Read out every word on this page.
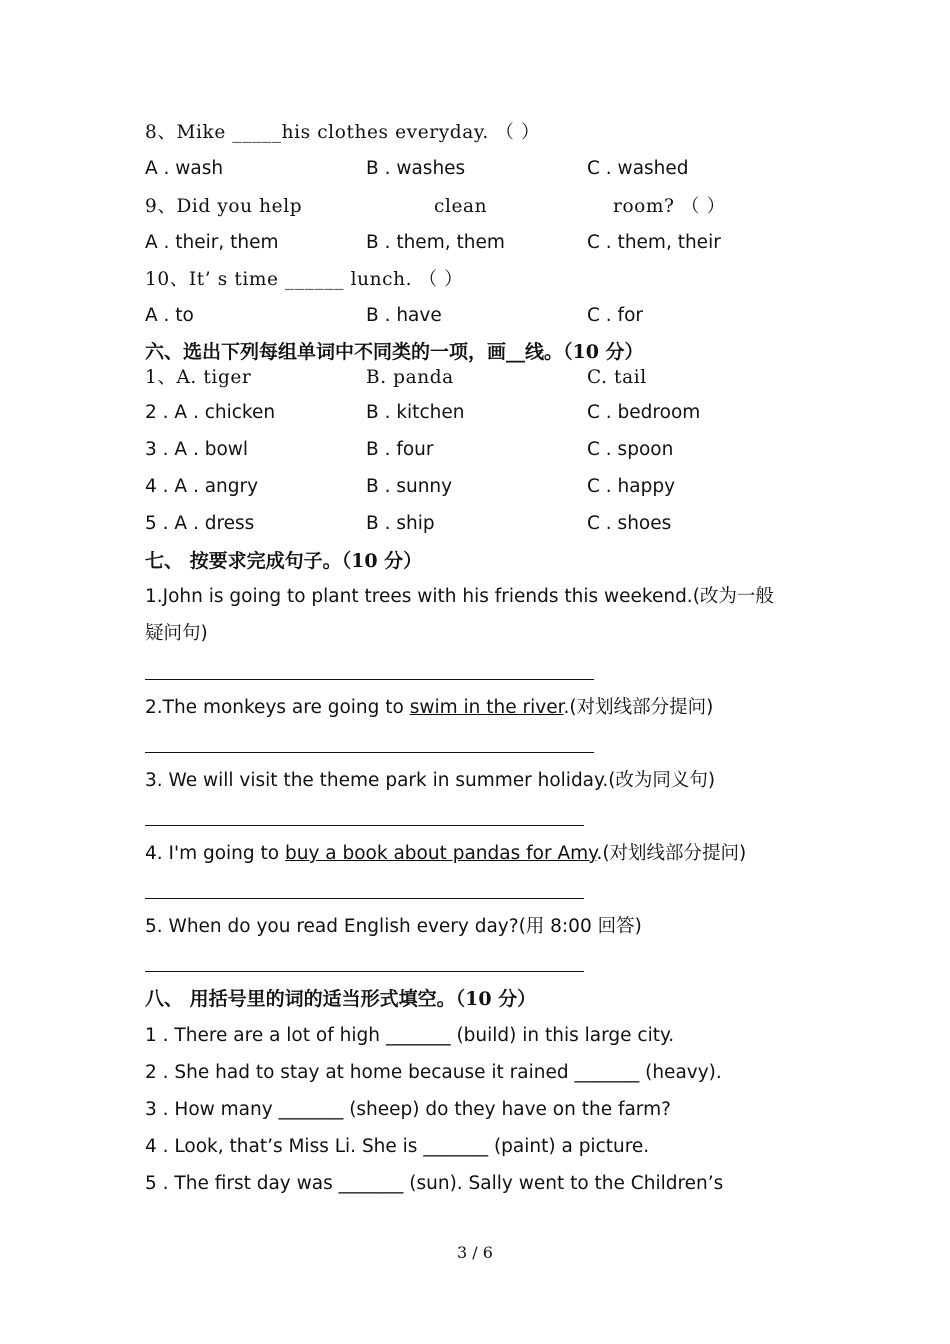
8、Mike _____his clothes everyday. （ ）
A . wash	B . washes	C . washed
9、Did you help	clean	room? （ ）
A . their, them	B . them, them	C . them, their
10、It’ s time ______ lunch. （ ）
A . to	B . have	C . for
六、选出下列每组单词中不同类的一项，画__线。（10 分）
1、A. tiger	B. panda	C. tail
2 . A . chicken	B . kitchen	C . bedroom
3 . A . bowl	B . four	C . spoon
4 . A . angry	B . sunny	C . happy
5 . A . dress	B . ship	C . shoes
七、 按要求完成句子。（10 分）
1.John is going to plant trees with his friends this weekend.(改为一般
疑问句)
2.The monkeys are going to swim in the river.(对划线部分提问)
3. We will visit the theme park in summer holiday.(改为同义句)
4. I'm going to buy a book about pandas for Amy.(对划线部分提问)
5. When do you read English every day?(用 8:00 回答)
八、 用括号里的词的适当形式填空。（10 分）
1 . There are a lot of high _______ (build) in this large city.
2 . She had to stay at home because it rained _______ (heavy).
3 . How many _______ (sheep) do they have on the farm?
4 . Look, that’s Miss Li. She is _______ (paint) a picture.
5 . The first day was _______ (sun). Sally went to the Children’s
3 / 6
